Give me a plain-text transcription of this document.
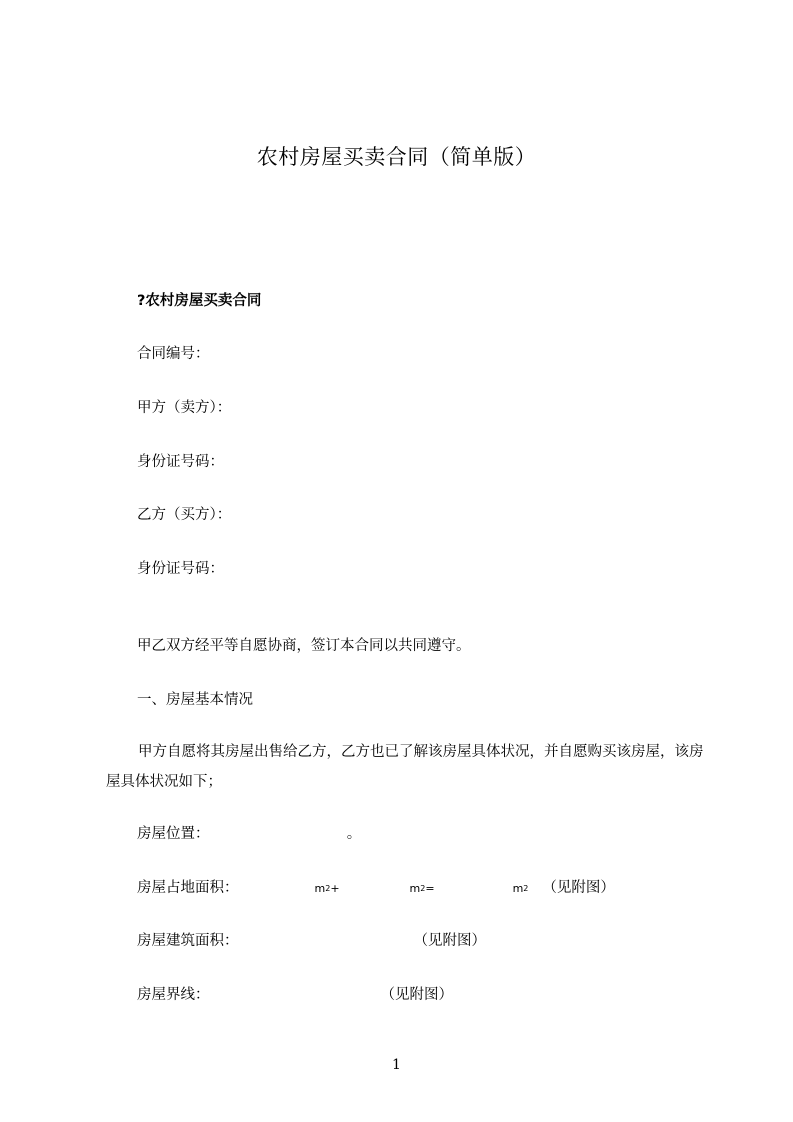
农村房屋买卖合同（简单版）
?农村房屋买卖合同
合同编号：
甲方（卖方）：
身份证号码：
乙方（买方）：
身份证号码：
甲乙双方经平等自愿协商，签订本合同以共同遵守。
一、房屋基本情况
甲方自愿将其房屋出售给乙方，乙方也已了解该房屋具体状况，并自愿购买该房屋，该房屋具体状况如下；
房屋位置：	。
房屋占地面积：	$m^2+$	$m^2=$	$m^2$ （见附图）
房屋建筑面积：	（见附图）
房屋界线：	（见附图）
1
